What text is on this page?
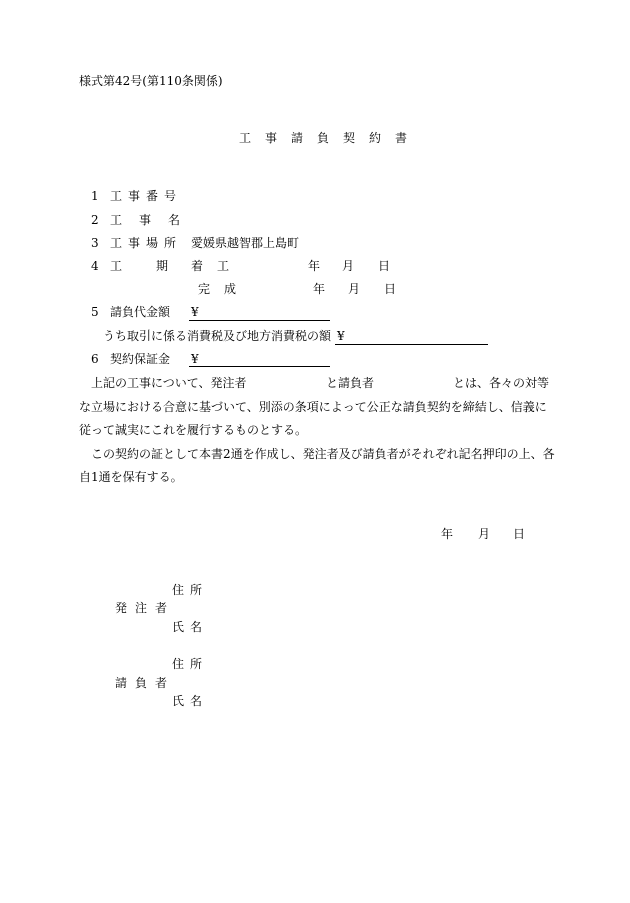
様式第42号(第110条関係)
工事請負契約書
1 工事番号
2 工事名
3 工事場所 愛媛県越智郡上島町
4 工	期 着工	年 月 日
完成	年 月 日
5 請負代金額 ¥
うち取引に係る消費税及び地方消費税の額 ¥
6 契約保証金 ¥
上記の工事について、発注者	と請負者	とは、各々の対等
な立場における合意に基づいて、別添の条項によって公正な請負契約を締結し、信義に
従って誠実にこれを履行するものとする。
この契約の証として本書2通を作成し、発注者及び請負者がそれぞれ記名押印の上、各
自1通を保有する。
年 月 日
住所
発注者
氏名
住所
請負者
氏名
